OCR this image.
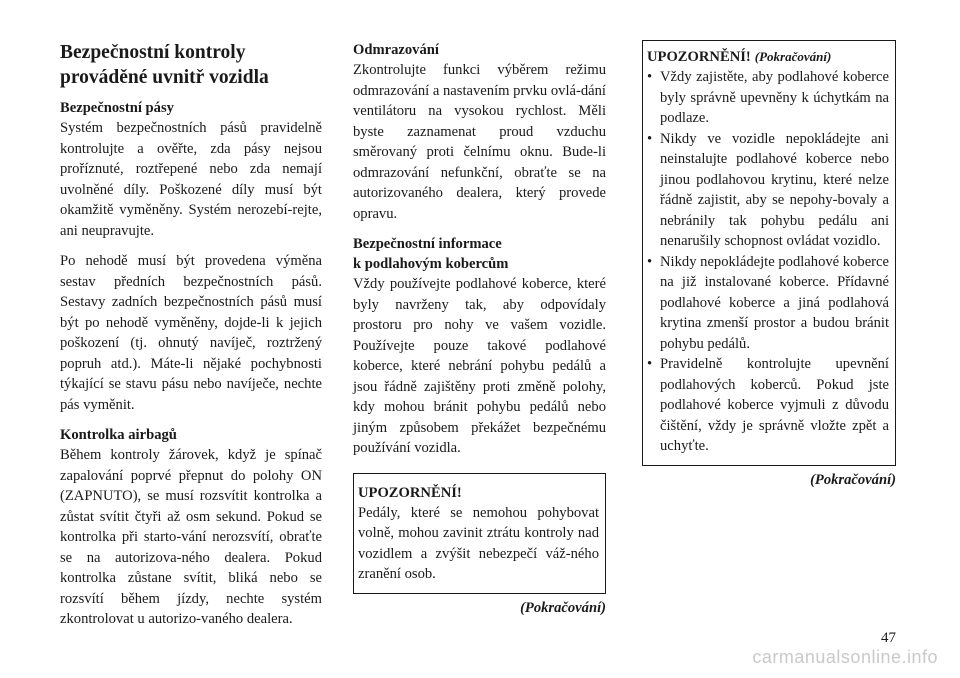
Bezpečnostní kontroly prováděné uvnitř vozidla
Bezpečnostní pásy

Systém bezpečnostních pásů pravidelně kontrolujte a ověřte, zda pásy nejsou proříznuté, roztřepené nebo zda nemají uvolněné díly. Poškozené díly musí být okamžitě vyměněny. Systém nerozebí-rejte, ani neupravujte.

Po nehodě musí být provedena výměna sestav předních bezpečnostních pásů. Sestavy zadních bezpečnostních pásů musí být po nehodě vyměněny, dojde-li k jejich poškození (tj. ohnutý navíječ, roztržený popruh atd.). Máte-li nějaké pochybnosti týkající se stavu pásu nebo navíječe, nechte pás vyměnit.

Kontrolka airbagů

Během kontroly žárovek, když je spínač zapalování poprvé přepnut do polohy ON (ZAPNUTO), se musí rozsvítit kontrolka a zůstat svítit čtyři až osm sekund. Pokud se kontrolka při starto-vání nerozsvítí, obraťte se na autorizova-ného dealera. Pokud kontrolka zůstane svítit, bliká nebo se rozsvítí během jízdy, nechte systém zkontrolovat u autorizo-vaného dealera.

Odmrazování

Zkontrolujte funkci výběrem režimu odmrazování a nastavením prvku ovlá-dání ventilátoru na vysokou rychlost. Měli byste zaznamenat proud vzduchu směrovaný proti čelnímu oknu. Bude-li odmrazování nefunkční, obraťte se na autorizovaného dealera, který provede opravu.

Bezpečnostní informace
k podlahovým kobercům

Vždy používejte podlahové koberce, které byly navrženy tak, aby odpovídaly prostoru pro nohy ve vašem vozidle. Používejte pouze takové podlahové koberce, které nebrání pohybu pedálů a jsou řádně zajištěny proti změně polohy, kdy mohou bránit pohybu pedálů nebo jiným způsobem překážet bezpečnému používání vozidla.

UPOZORNĚNÍ!

Pedály, které se nemohou pohybovat volně, mohou zavinit ztrátu kontroly nad vozidlem a zvýšit nebezpečí váž-ného zranění osob.

(Pokračování)
UPOZORNĚNÍ! (Pokračování)
• Vždy zajistěte, aby podlahové koberce byly správně upevněny k úchytkám na podlaze.
• Nikdy ve vozidle nepokládejte ani neinstalujte podlahové koberce nebo jinou podlahovou krytinu, které nelze řádně zajistit, aby se nepohy-bovaly a nebránily tak pohybu pedálu ani nenarušily schopnost ovládat vozidlo.
• Nikdy nepokládejte podlahové koberce na již instalované koberce. Přídavné podlahové koberce a jiná podlahová krytina zmenší prostor a budou bránit pohybu pedálů.
• Pravidelně kontrolujte upevnění podlahových koberců. Pokud jste podlahové koberce vyjmuli z důvodu čištění, vždy je správně vložte zpět a uchyťte.
(Pokračování)
47
carmanualsonline.info
